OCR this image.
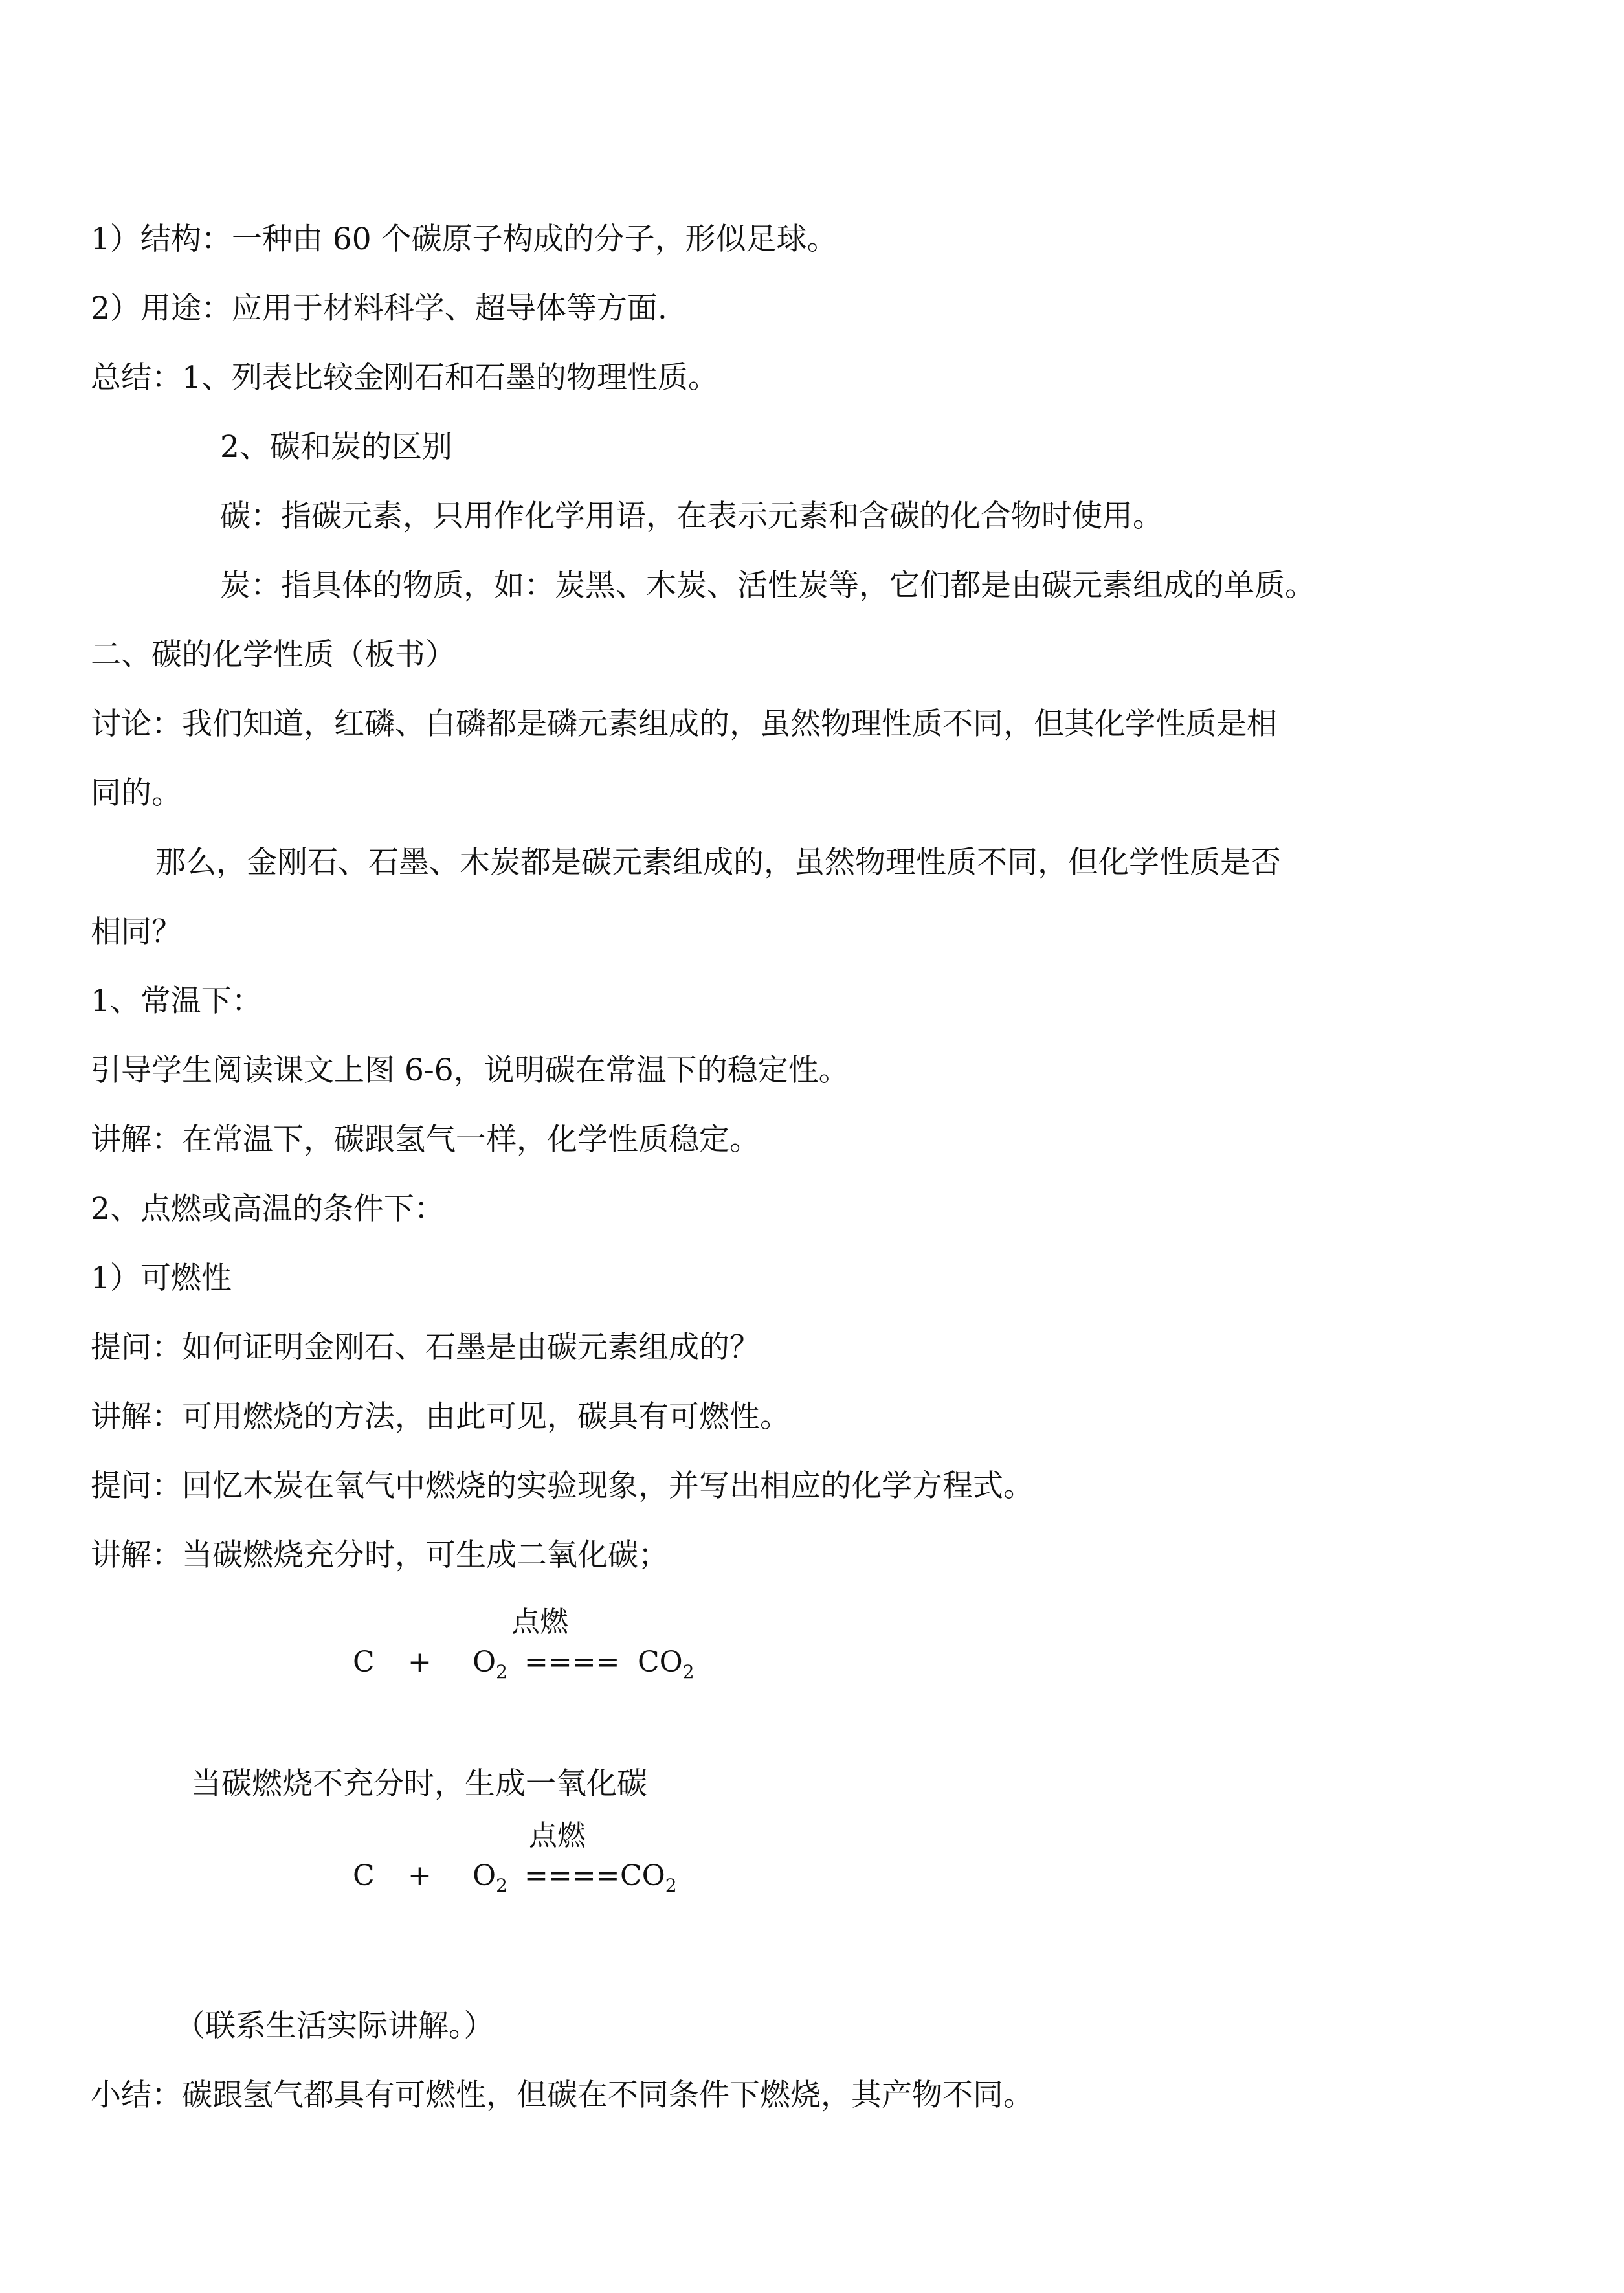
1）结构：一种由 60 个碳原子构成的分子，形似足球。
2）用途：应用于材料科学、超导体等方面.
总结：1、列表比较金刚石和石墨的物理性质。
2、碳和炭的区别
碳：指碳元素，只用作化学用语，在表示元素和含碳的化合物时使用。
炭：指具体的物质，如：炭黑、木炭、活性炭等，它们都是由碳元素组成的单质。
二、碳的化学性质（板书）
讨论：我们知道，红磷、白磷都是磷元素组成的，虽然物理性质不同，但其化学性质是相
同的。
那么，金刚石、石墨、木炭都是碳元素组成的，虽然物理性质不同，但化学性质是否
相同？
1、常温下：
引导学生阅读课文上图 6-6，说明碳在常温下的稳定性。
讲解：在常温下，碳跟氢气一样，化学性质稳定。
2、点燃或高温的条件下：
1）可燃性
提问：如何证明金刚石、石墨是由碳元素组成的？
讲解：可用燃烧的方法，由此可见，碳具有可燃性。
提问：回忆木炭在氧气中燃烧的实验现象，并写出相应的化学方程式。
讲解：当碳燃烧充分时，可生成二氧化碳；
点燃
$C + O_2$ ==== $CO_2$
当碳燃烧不充分时，生成一氧化碳
点燃
$C + O_2$ ==== $CO_2$
（联系生活实际讲解。）
小结：碳跟氢气都具有可燃性，但碳在不同条件下燃烧，其产物不同。
